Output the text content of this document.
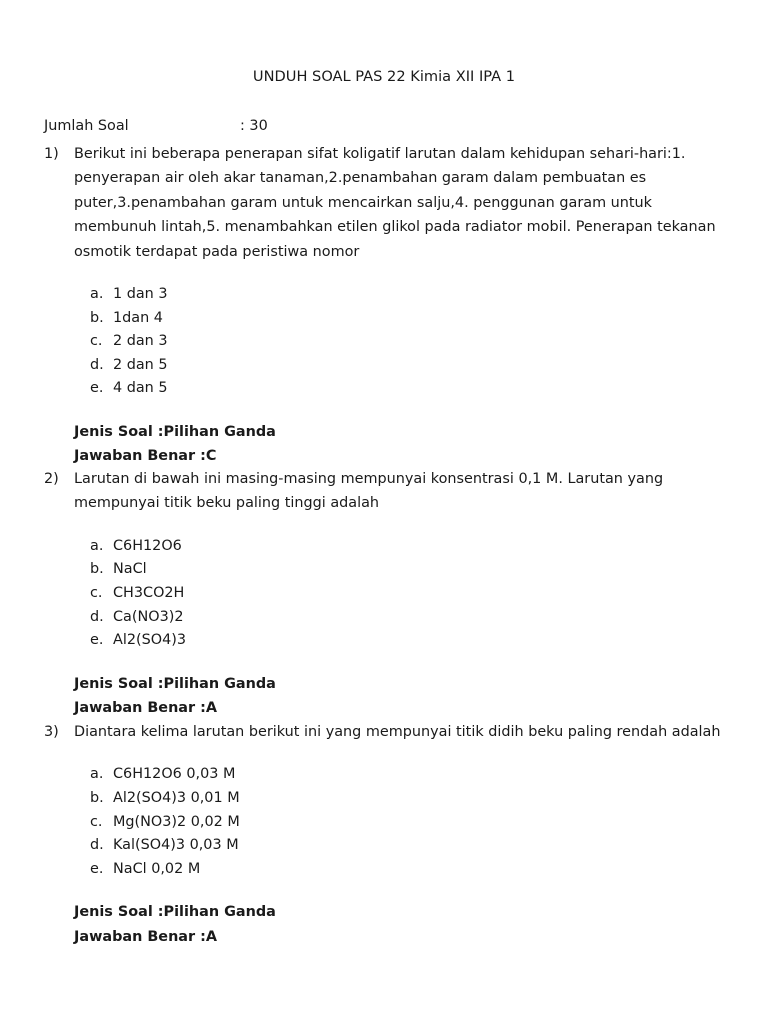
UNDUH SOAL PAS 22 Kimia XII IPA 1
Jumlah Soal	: 30
1) Berikut ini beberapa penerapan sifat koligatif larutan dalam kehidupan sehari-hari:1. penyerapan air oleh akar tanaman,2.penambahan garam dalam pembuatan es puter,3.penambahan garam untuk mencairkan salju,4. penggunan garam untuk membunuh lintah,5. menambahkan etilen glikol pada radiator mobil. Penerapan tekanan osmotik terdapat pada peristiwa nomor
a. 1 dan 3
b. 1dan 4
c. 2 dan 3
d. 2 dan 5
e. 4 dan 5
Jenis Soal :Pilihan Ganda
Jawaban Benar :C
2) Larutan di bawah ini masing-masing mempunyai konsentrasi 0,1 M. Larutan yang mempunyai titik beku paling tinggi adalah
a. C6H12O6
b. NaCl
c. CH3CO2H
d. Ca(NO3)2
e. Al2(SO4)3
Jenis Soal :Pilihan Ganda
Jawaban Benar :A
3) Diantara kelima larutan berikut ini yang mempunyai titik didih beku paling rendah adalah
a. C6H12O6 0,03 M
b. Al2(SO4)3 0,01 M
c. Mg(NO3)2 0,02 M
d. Kal(SO4)3 0,03 M
e. NaCl 0,02 M
Jenis Soal :Pilihan Ganda
Jawaban Benar :A
